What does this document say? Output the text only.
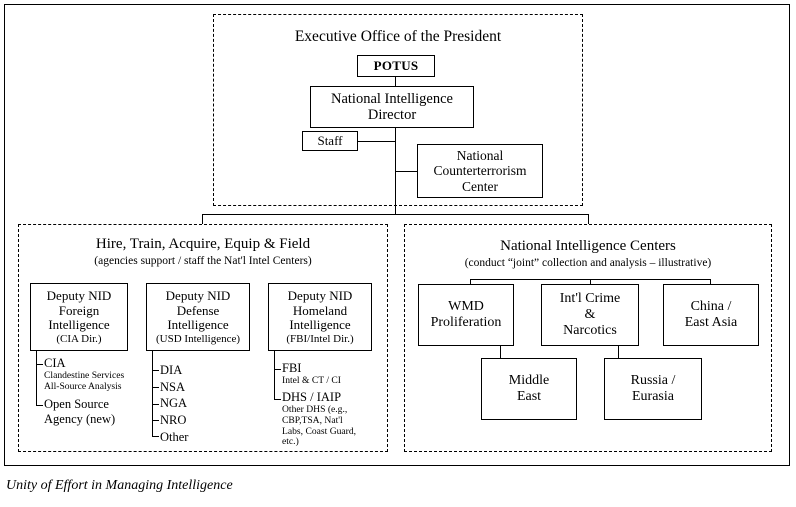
Executive Office of the President
POTUS
National Intelligence
Director
Staff
National
Counterterrorism
Center
Hire, Train, Acquire, Equip & Field
(agencies support / staff the Nat'l Intel Centers)
Deputy NID
Foreign
Intelligence
(CIA Dir.)
CIA
Clandestine Services
All-Source Analysis
Open Source
Agency (new)
Deputy NID
Defense
Intelligence
(USD Intelligence)
DIA
NSA
NGA
NRO
Other
Deputy NID
Homeland
Intelligence
(FBI/Intel Dir.)
FBI
Intel & CT / CI
DHS / IAIP
Other DHS (e.g.,
CBP,TSA, Nat'l
Labs, Coast Guard,
etc.)
National Intelligence Centers
(conduct “joint” collection and analysis – illustrative)
WMD
Proliferation
Int'l Crime
&
Narcotics
China /
East Asia
Middle
East
Russia /
Eurasia
Unity of Effort in Managing Intelligence
